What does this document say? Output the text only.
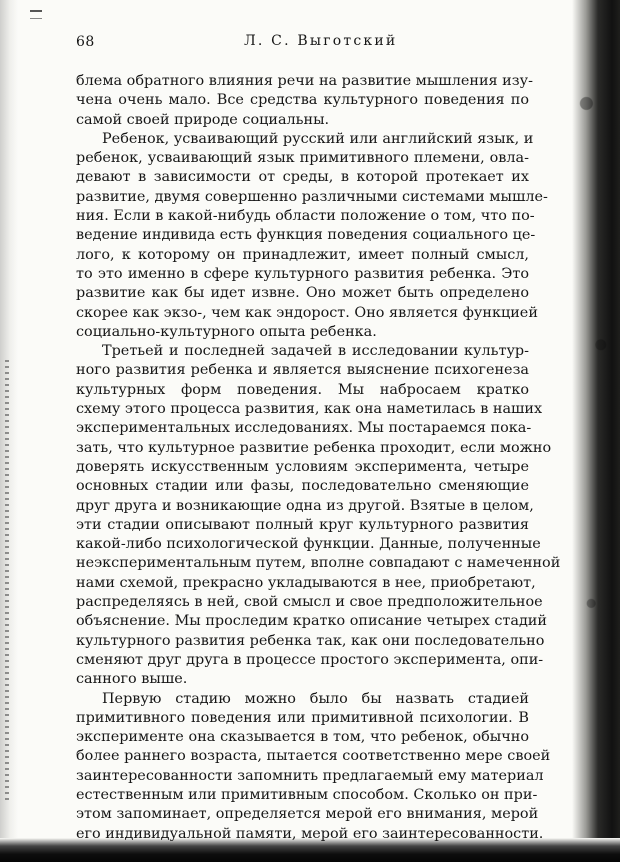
68	Л. С. Выготский
блема обратного влияния речи на развитие мышления изу-
чена очень мало. Все средства культурного поведения по
самой своей природе социальны.
Ребенок, усваивающий русский или английский язык, и
ребенок, усваивающий язык примитивного племени, овла-
девают в зависимости от среды, в которой протекает их
развитие, двумя совершенно различными системами мышле-
ния. Если в какой-нибудь области положение о том, что по-
ведение индивида есть функция поведения социального це-
лого, к которому он принадлежит, имеет полный смысл,
то это именно в сфере культурного развития ребенка. Это
развитие как бы идет извне. Оно может быть определено
скорее как экзо-, чем как эндорост. Оно является функцией
социально-культурного опыта ребенка.
Третьей и последней задачей в исследовании культур-
ного развития ребенка и является выяснение психогенеза
культурных форм поведения. Мы набросаем кратко
схему этого процесса развития, как она наметилась в наших
экспериментальных исследованиях. Мы постараемся пока-
зать, что культурное развитие ребенка проходит, если можно
доверять искусственным условиям эксперимента, четыре
основных стадии или фазы, последовательно сменяющие
друг друга и возникающие одна из другой. Взятые в целом,
эти стадии описывают полный круг культурного развития
какой-либо психологической функции. Данные, полученные
неэкспериментальным путем, вполне совпадают с намеченной
нами схемой, прекрасно укладываются в нее, приобретают,
распределяясь в ней, свой смысл и свое предположительное
объяснение. Мы проследим кратко описание четырех стадий
культурного развития ребенка так, как они последовательно
сменяют друг друга в процессе простого эксперимента, опи-
санного выше.
Первую стадию можно было бы назвать стадией
примитивного поведения или примитивной психологии. В
эксперименте она сказывается в том, что ребенок, обычно
более раннего возраста, пытается соответственно мере своей
заинтересованности запомнить предлагаемый ему материал
естественным или примитивным способом. Сколько он при-
этом запоминает, определяется мерой его внимания, мерой
его индивидуальной памяти, мерой его заинтересованности.
